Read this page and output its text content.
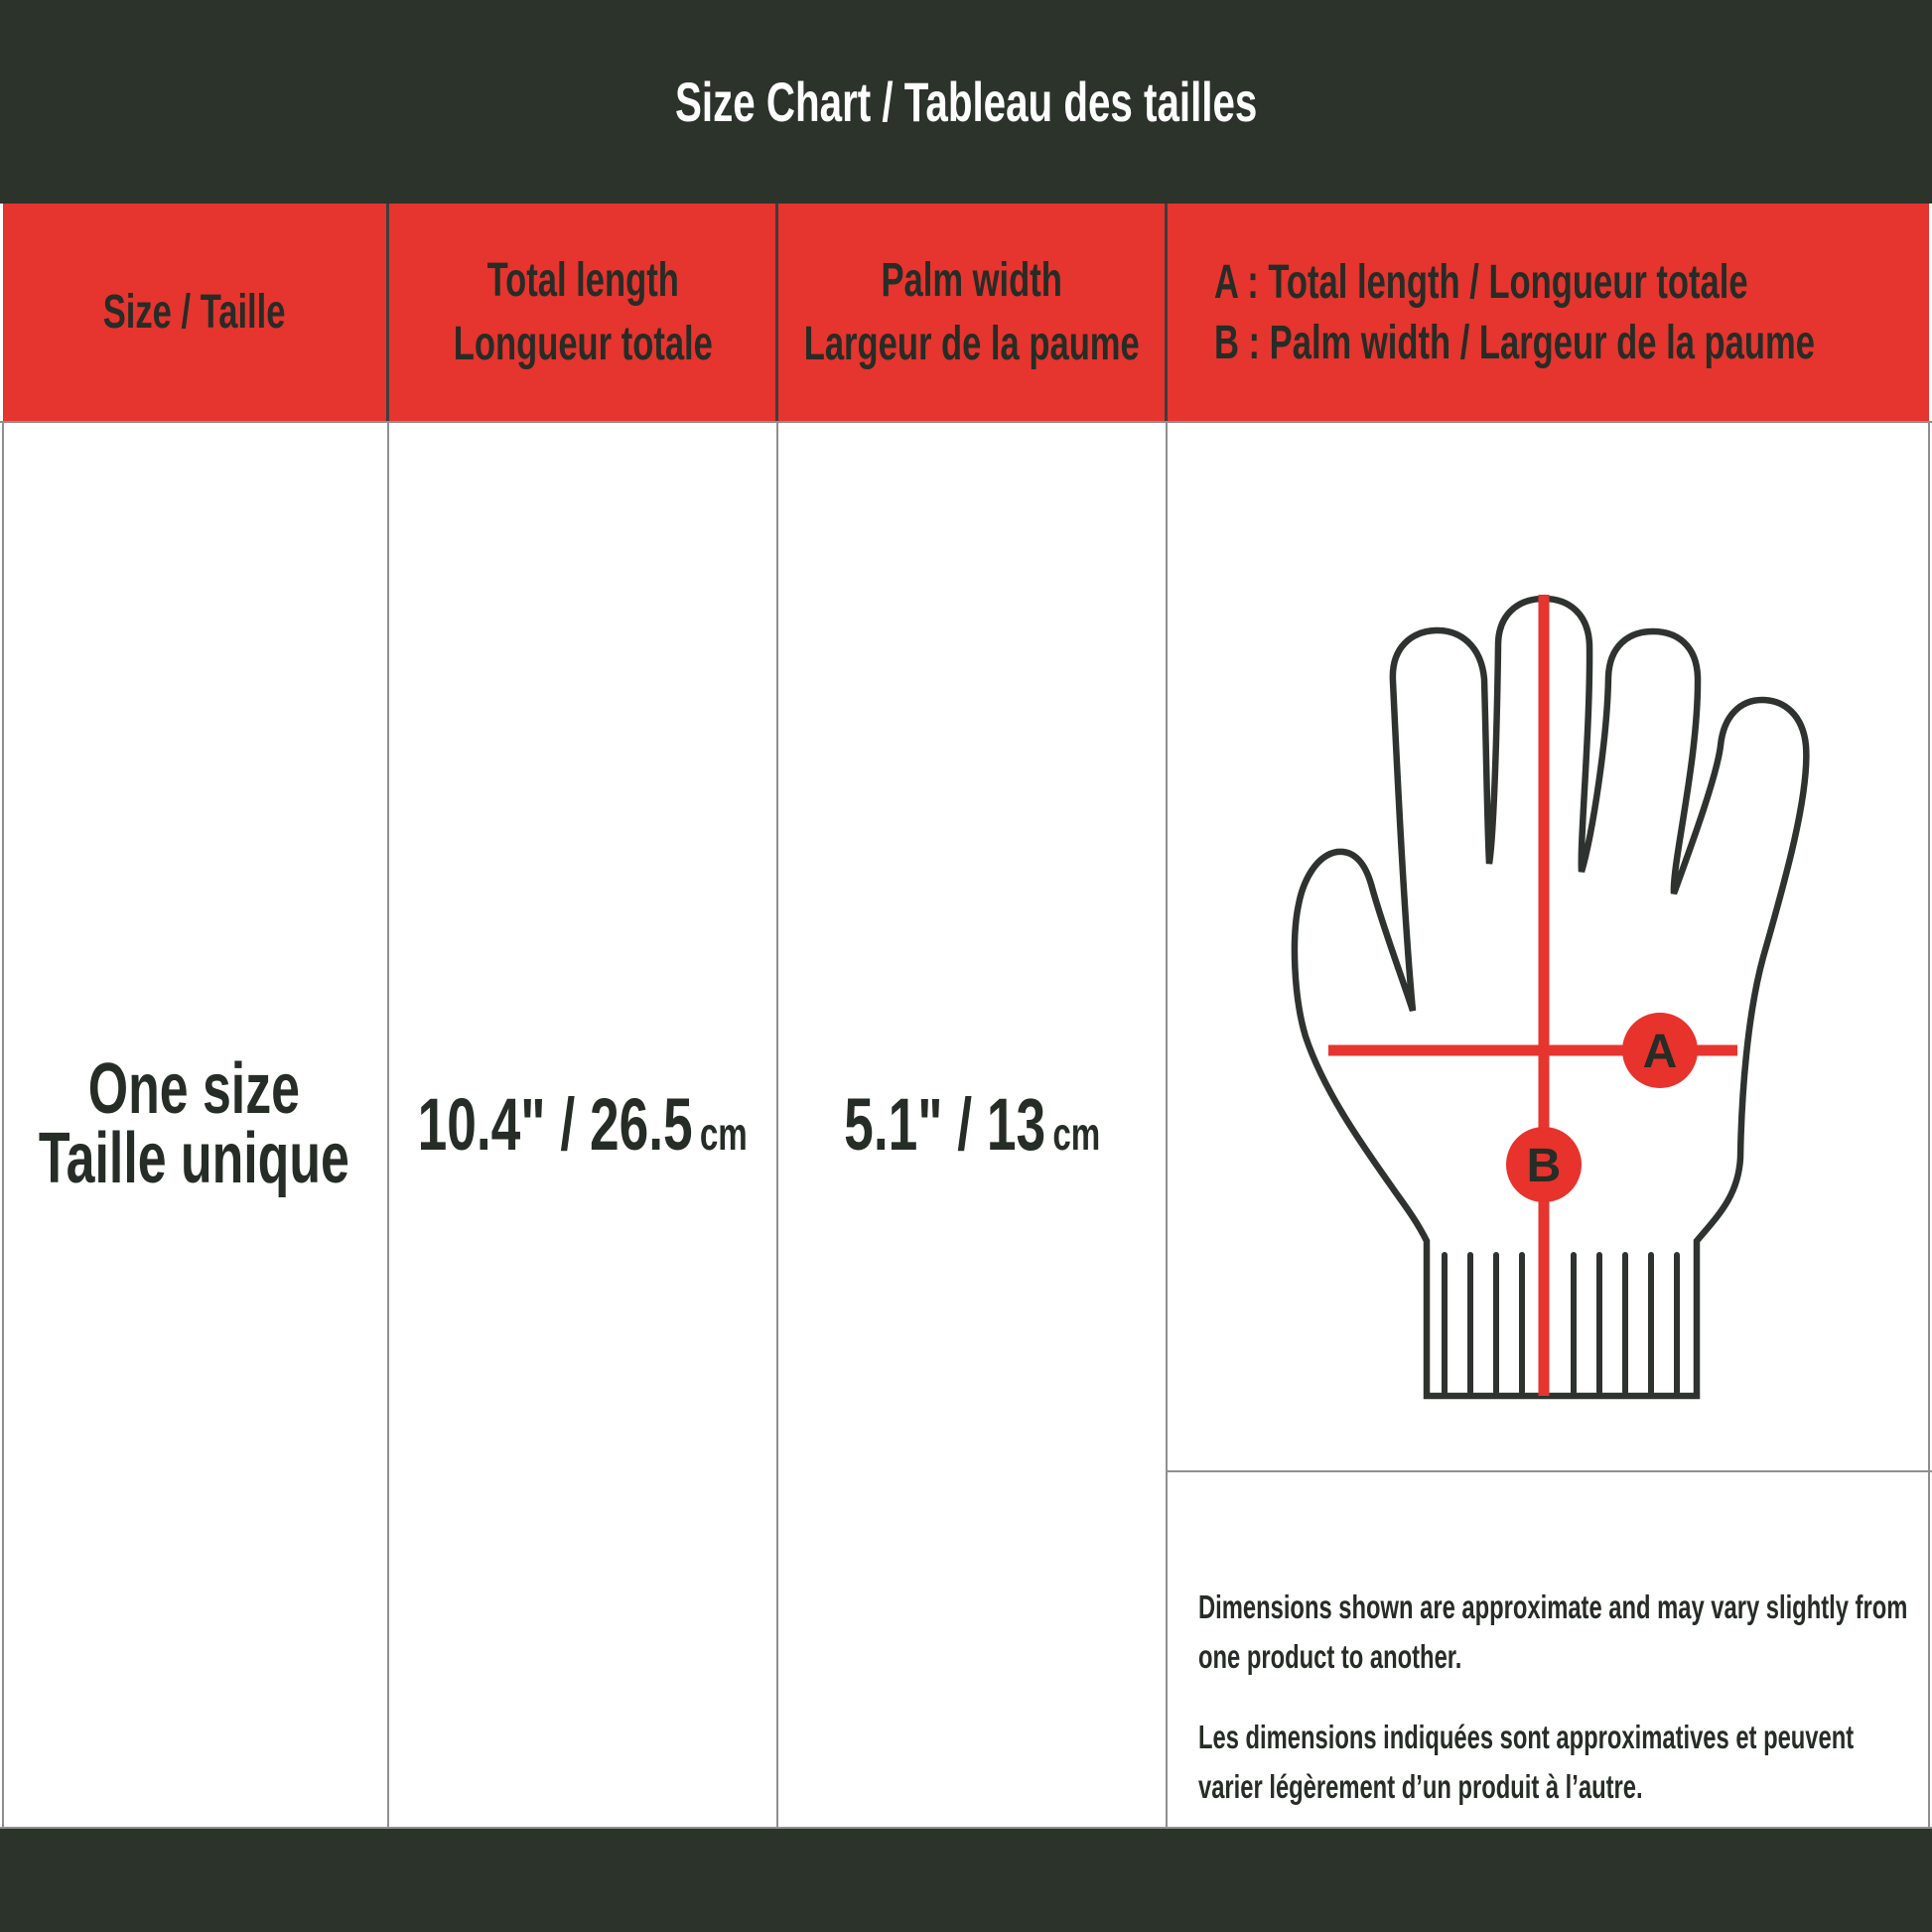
Size Chart / Tableau des tailles
Size / Taille
Total length
Longueur totale
Palm width
Largeur de la paume
A : Total length / Longueur totale
B : Palm width / Largeur de la paume
One size
Taille unique 10.4" / 26.5 cm 5.1" / 13 cm
A
B

Dimensions shown are approximate and may vary slightly from one product to another.

Les dimensions indiquées sont approximatives et peuvent varier légèrement d’un produit à l’autre.
